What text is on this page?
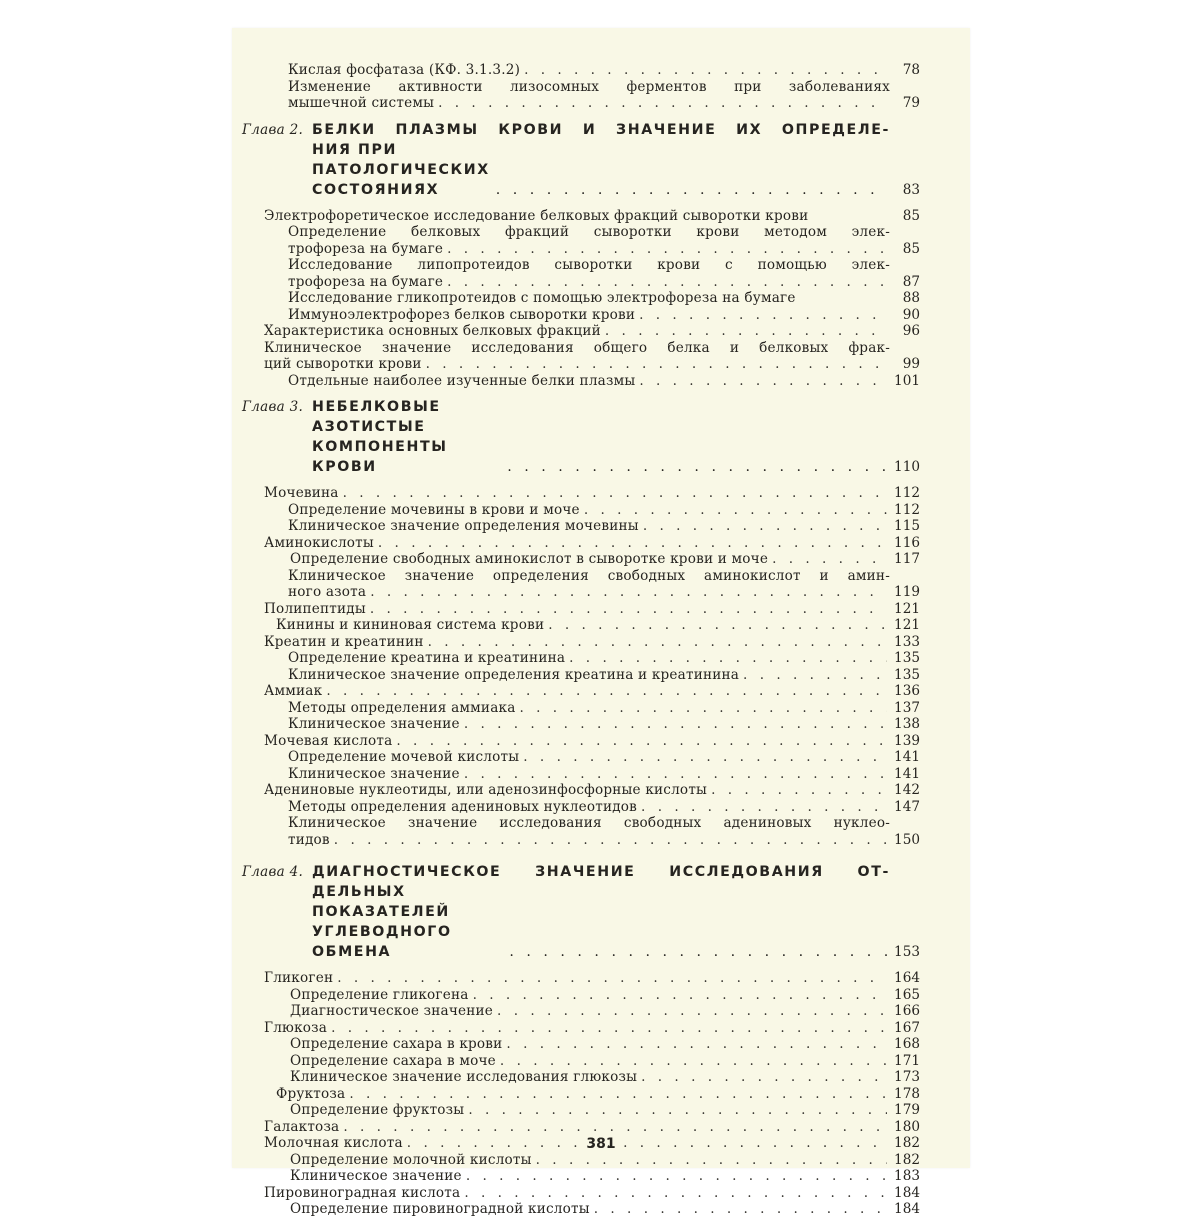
Кислая фосфатаза (КФ. 3.1.3.2) . . .	78
Изменение активности лизосомных ферментов при заболеваниях
мышечной системы . . .	79
Глава 2. БЕЛКИ ПЛАЗМЫ КРОВИ И ЗНАЧЕНИЕ ИХ ОПРЕДЕЛЕ-
НИЯ ПРИ ПАТОЛОГИЧЕСКИХ СОСТОЯНИЯХ . . .	83
Электрофоретическое исследование белковых фракций сыворотки крови	85
Определение белковых фракций сыворотки крови методом элек-
трофореза на бумаге . . .	85
Исследование липопротеидов сыворотки крови с помощью элек-
трофореза на бумаге . . .	87
Исследование гликопротеидов с помощью электрофореза на бумаге	88
Иммуноэлектрофорез белков сыворотки крови . . .	90
Характеристика основных белковых фракций . . .	96
Клиническое значение исследования общего белка и белковых фрак-
ций сыворотки крови . . .	99
Отдельные наиболее изученные белки плазмы . . .	101
Глава 3. НЕБЕЛКОВЫЕ АЗОТИСТЫЕ КОМПОНЕНТЫ КРОВИ . . .	110
Мочевина . . .	112
Определение мочевины в крови и моче . . .	112
Клиническое значение определения мочевины . . .	115
Аминокислоты . . .	116
Определение свободных аминокислот в сыворотке крови и моче . . .	117
Клиническое значение определения свободных аминокислот и амин-
ного азота . . .	119
Полипептиды . . .	121
Кинины и кининовая система крови . . .	121
Креатин и креатинин . . .	133
Определение креатина и креатинина . . .	135
Клиническое значение определения креатина и креатинина . . .	135
Аммиак . . .	136
Методы определения аммиака . . .	137
Клиническое значение . . .	138
Мочевая кислота . . .	139
Определение мочевой кислоты . . .	141
Клиническое значение . . .	141
Адениновые нуклеотиды, или аденозинфосфорные кислоты . . .	142
Методы определения адениновых нуклеотидов . . .	147
Клиническое значение исследования свободных адениновых нуклео-
тидов . . .	150
Глава 4. ДИАГНОСТИЧЕСКОЕ ЗНАЧЕНИЕ ИССЛЕДОВАНИЯ ОТ-
ДЕЛЬНЫХ ПОКАЗАТЕЛЕЙ УГЛЕВОДНОГО ОБМЕНА . . .	153
Гликоген . . .	164
Определение гликогена . . .	165
Диагностическое значение . . .	166
Глюкоза . . .	167
Определение сахара в крови . . .	168
Определение сахара в моче . . .	171
Клиническое значение исследования глюкозы . . .	173
Фруктоза . . .	178
Определение фруктозы . . .	179
Галактоза . . .	180
Молочная кислота . . .	182
Определение молочной кислоты . . .	182
Клиническое значение . . .	183
Пировиноградная кислота . . .	184
Определение пировиноградной кислоты . . .	184
381
